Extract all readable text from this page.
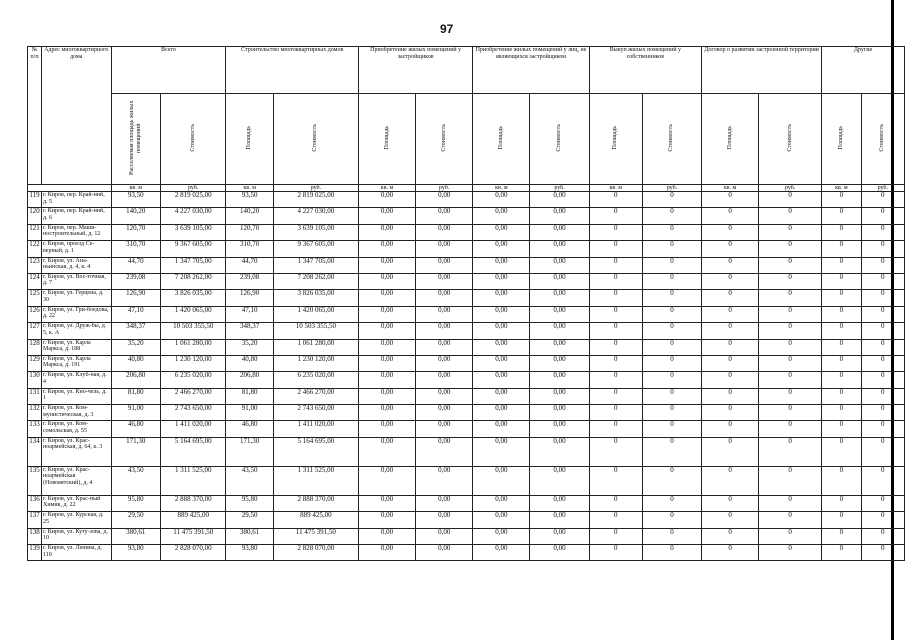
97
№
п/п	Адрес многоквартирного дома	Всего		Строительство многоквартирных домов		Приобретение жилых помещений у застройщиков		Приобретение жилых помещений у лиц, не являющихся застройщиком		Выкуп жилых помещений у собственников		Договор о развитии застроенной территории		Другие	
		Расселяемая площадь жилых помещений	Стоимость	Площадь	Стоимость	Площадь	Стоимость	Площадь	Стоимость	Площадь	Стоимость	Площадь	Стоимость	Площадь	Стоимость
		кв. м	руб.	кв. м	руб.	кв. м	руб.	кв. м	руб.	кв. м	руб.	кв. м	руб.	кв. м	руб.
119	г. Киров, пер. Край-ний, д. 5	93,50	2 819 025,00	93,50	2 819 025,00	0,00	0,00	0,00	0,00	0	0	0	0	0	0
120	г. Киров, пер. Край-ний, д. 6	140,20	4 227 030,00	140,20	4 227 030,00	0,00	0,00	0,00	0,00	0	0	0	0	0	0
121	г. Киров, пер. Маши-ностроительный, д. 12	120,70	3 639 105,00	120,70	3 639 105,00	0,00	0,00	0,00	0,00	0	0	0	0	0	0
122	г. Киров, проезд Се-верный, д. 1	310,70	9 367 605,00	310,70	9 367 605,00	0,00	0,00	0,00	0,00	0	0	0	0	0	0
123	г. Киров, ул. Ана-ньинская, д. 4, к. 4	44,70	1 347 705,00	44,70	1 347 705,00	0,00	0,00	0,00	0,00	0	0	0	0	0	0
124	г. Киров, ул. Вос-точная, д. 7	239,08	7 208 262,00	239,08	7 208 262,00	0,00	0,00	0,00	0,00	0	0	0	0	0	0
125	г. Киров, ул. Герцена, д. 30	126,90	3 826 035,00	126,90	3 826 035,00	0,00	0,00	0,00	0,00	0	0	0	0	0	0
126	г. Киров, ул. Гри-боедова, д. 22	47,10	1 420 065,00	47,10	1 420 065,00	0,00	0,00	0,00	0,00	0	0	0	0	0	0
127	г. Киров, ул. Друж-бы, д. 5, к. А	348,37	10 503 355,50	348,37	10 503 355,50	0,00	0,00	0,00	0,00	0	0	0	0	0	0
128	г. Киров, ул. Карла Маркса, д. 188	35,20	1 061 280,00	35,20	1 061 280,00	0,00	0,00	0,00	0,00	0	0	0	0	0	0
129	г. Киров, ул. Карла Маркса, д. 191	40,80	1 230 120,00	40,80	1 230 120,00	0,00	0,00	0,00	0,00	0	0	0	0	0	0
130	г. Киров, ул. Клуб-ная, д. 4	206,80	6 235 020,00	206,80	6 235 020,00	0,00	0,00	0,00	0,00	0	0	0	0	0	0
131	г. Киров, ул. Кно-чель, д. 1	81,80	2 466 270,00	81,80	2 466 270,00	0,00	0,00	0,00	0,00	0	0	0	0	0	0
132	г. Киров, ул. Ком-мунистическая, д. 3	91,00	2 743 650,00	91,00	2 743 650,00	0,00	0,00	0,00	0,00	0	0	0	0	0	0
133	г. Киров, ул. Ком-сомольская, д. 55	46,80	1 411 020,00	46,80	1 411 020,00	0,00	0,00	0,00	0,00	0	0	0	0	0	0
134	г. Киров, ул. Крас-ноармейская, д. 64, к. 3	171,30	5 164 695,00	171,30	5 164 695,00	0,00	0,00	0,00	0,00	0	0	0	0	0	0
135	г. Киров, ул. Крас-ноармейская (Нововятский), д. 4	43,50	1 311 525,00	43,50	1 311 525,00	0,00	0,00	0,00	0,00	0	0	0	0	0	0
136	г. Киров, ул. Крас-ный Химик, д. 22	95,80	2 888 370,00	95,80	2 888 370,00	0,00	0,00	0,00	0,00	0	0	0	0	0	0
137	г. Киров, ул. Курская, д. 25	29,50	889 425,00	29,50	889 425,00	0,00	0,00	0,00	0,00	0	0	0	0	0	0
138	г. Киров, ул. Куту-зова, д. 10	380,61	11 475 391,50	380,61	11 475 391,50	0,00	0,00	0,00	0,00	0	0	0	0	0	0
139	г. Киров, ул. Ленина, д. 110	93,80	2 828 070,00	93,80	2 828 070,00	0,00	0,00	0,00	0,00	0	0	0	0	0	0
